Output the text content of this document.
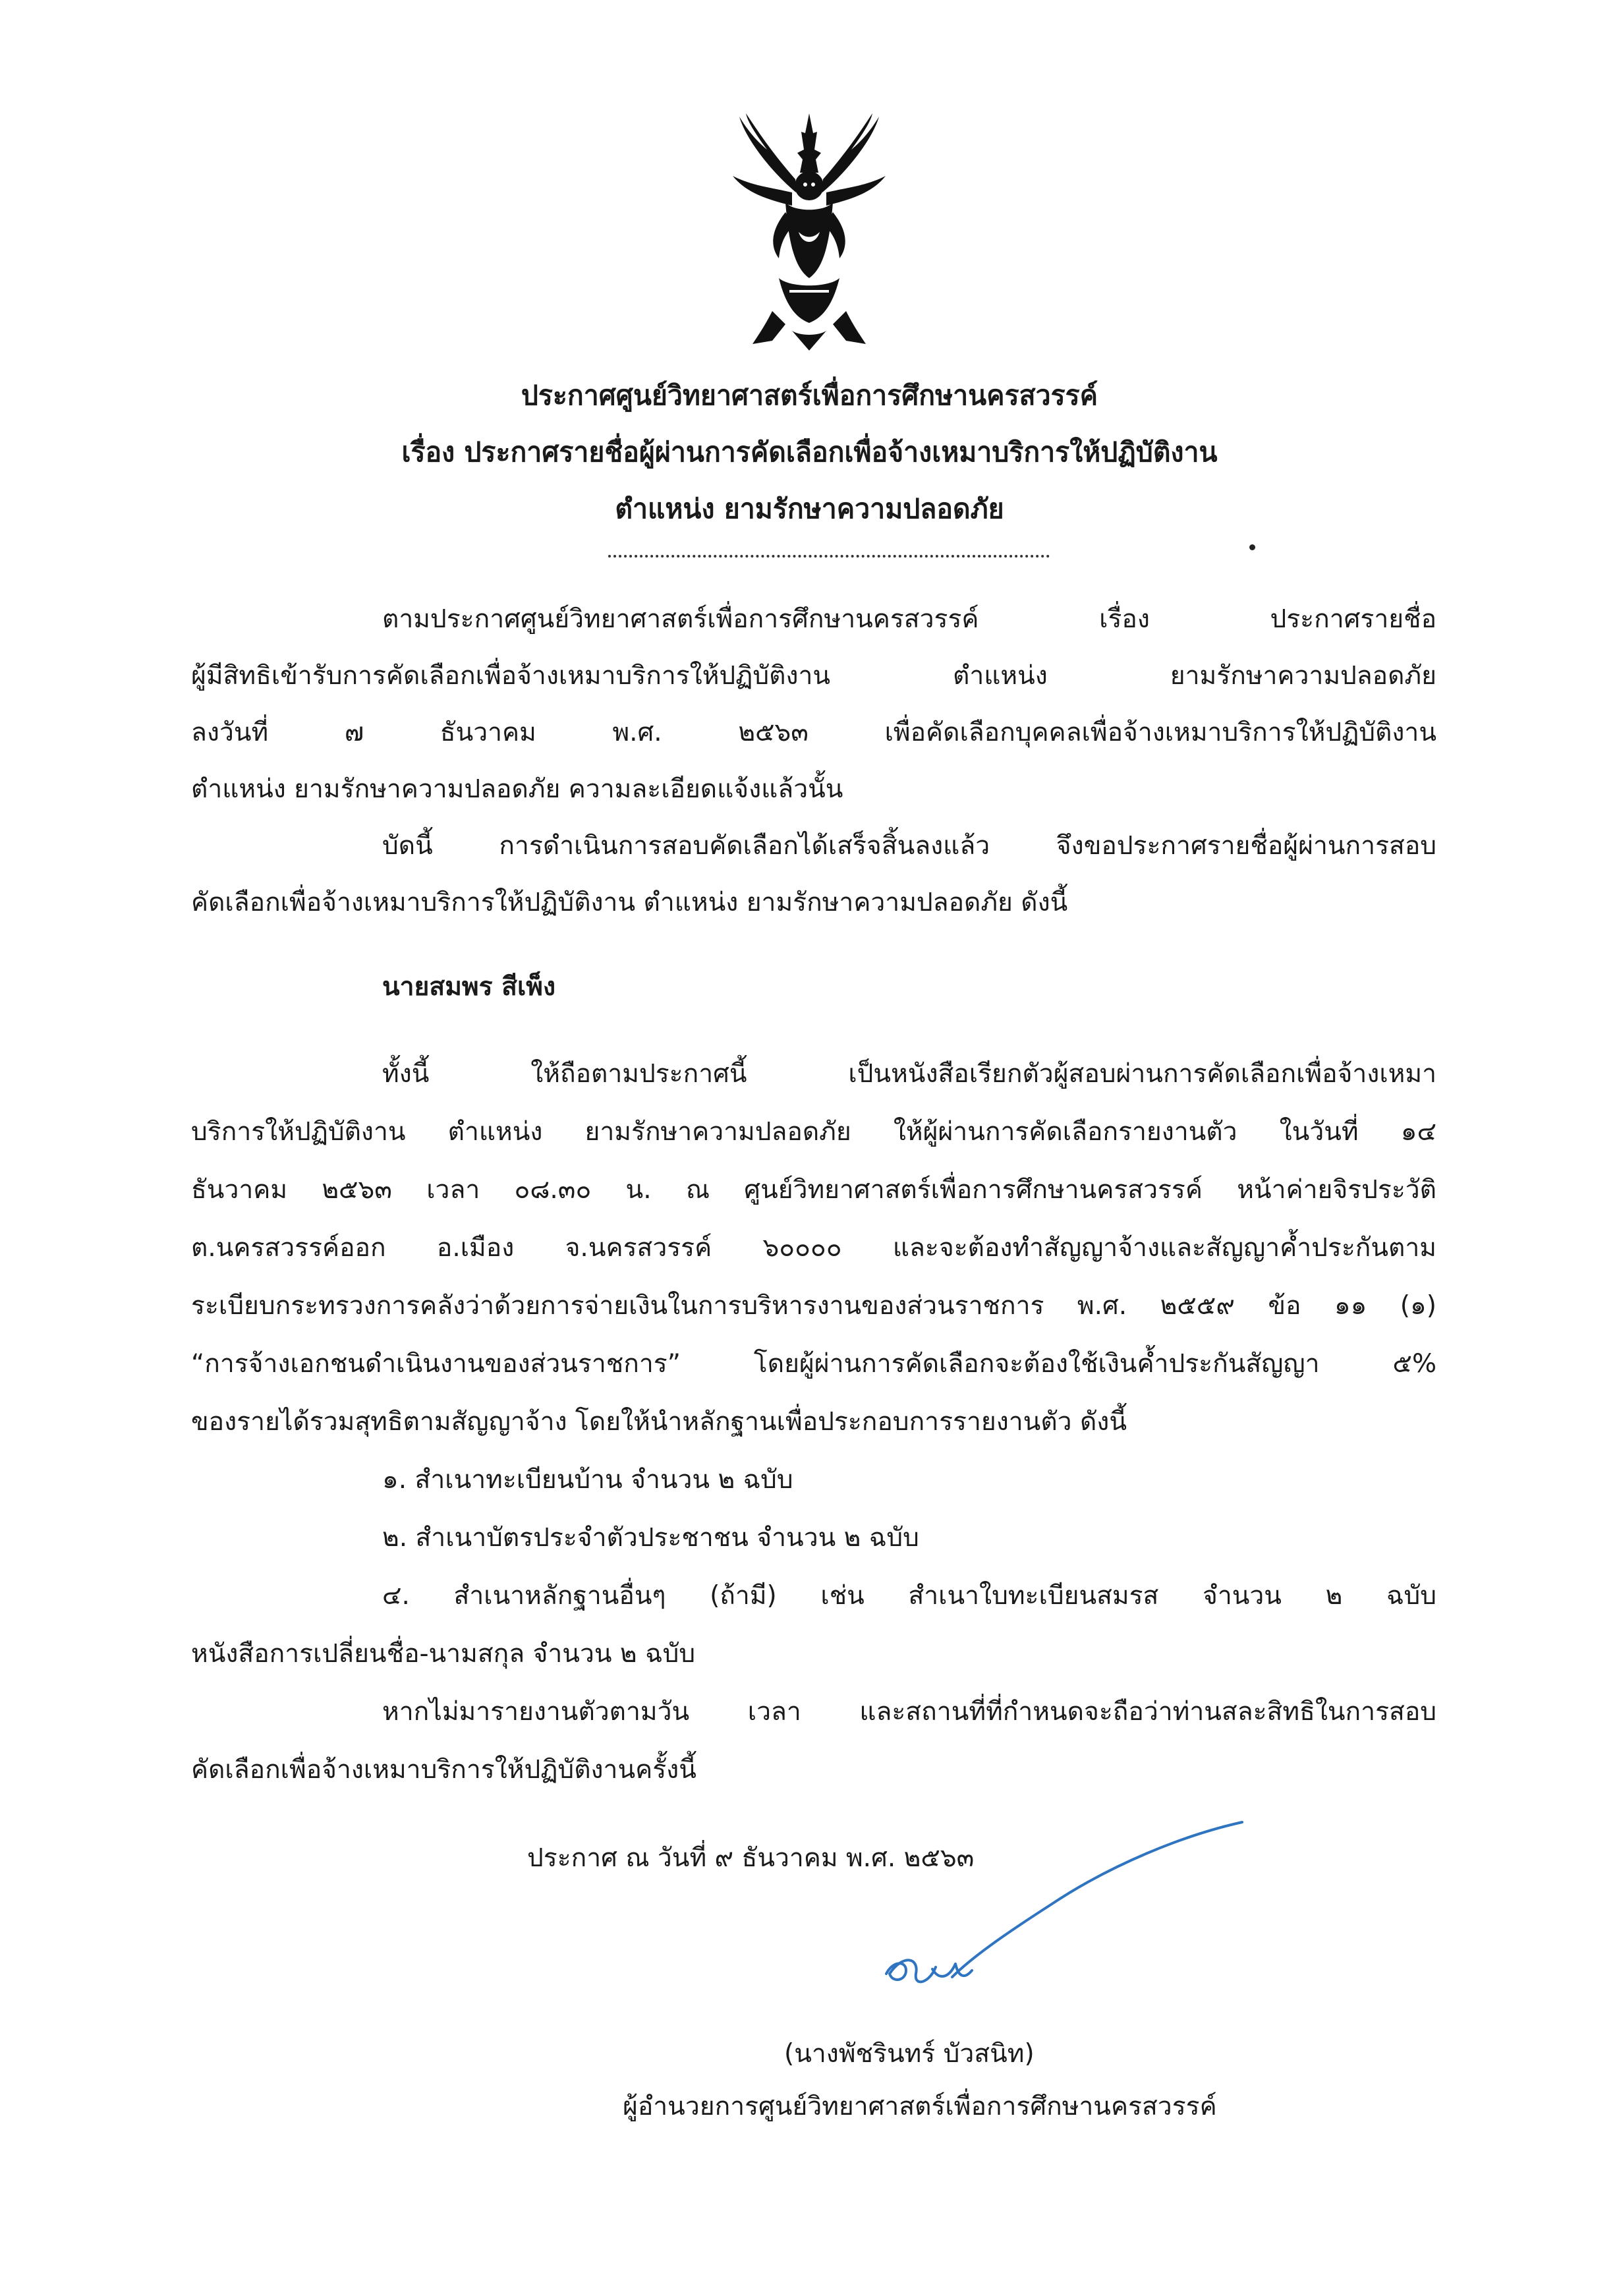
ประกาศศูนย์วิทยาศาสตร์เพื่อการศึกษานครสวรรค์
เรื่อง ประกาศรายชื่อผู้ผ่านการคัดเลือกเพื่อจ้างเหมาบริการให้ปฏิบัติงาน
ตำแหน่ง ยามรักษาความปลอดภัย
ตามประกาศศูนย์วิทยาศาสตร์เพื่อการศึกษานครสวรรค์ เรื่อง ประกาศรายชื่อ
ผู้มีสิทธิเข้ารับการคัดเลือกเพื่อจ้างเหมาบริการให้ปฏิบัติงาน ตำแหน่ง ยามรักษาความปลอดภัย
ลงวันที่ ๗ ธันวาคม พ.ศ. ๒๕๖๓ เพื่อคัดเลือกบุคคลเพื่อจ้างเหมาบริการให้ปฏิบัติงาน
ตำแหน่ง ยามรักษาความปลอดภัย ความละเอียดแจ้งแล้วนั้น
บัดนี้ การดำเนินการสอบคัดเลือกได้เสร็จสิ้นลงแล้ว จึงขอประกาศรายชื่อผู้ผ่านการสอบ
คัดเลือกเพื่อจ้างเหมาบริการให้ปฏิบัติงาน ตำแหน่ง ยามรักษาความปลอดภัย ดังนี้
นายสมพร สีเพ็ง
ทั้งนี้ ให้ถือตามประกาศนี้ เป็นหนังสือเรียกตัวผู้สอบผ่านการคัดเลือกเพื่อจ้างเหมา
บริการให้ปฏิบัติงาน ตำแหน่ง ยามรักษาความปลอดภัย ให้ผู้ผ่านการคัดเลือกรายงานตัว ในวันที่ ๑๔
ธันวาคม ๒๕๖๓ เวลา ๐๘.๓๐ น. ณ ศูนย์วิทยาศาสตร์เพื่อการศึกษานครสวรรค์ หน้าค่ายจิรประวัติ
ต.นครสวรรค์ออก อ.เมือง จ.นครสวรรค์ ๖๐๐๐๐ และจะต้องทำสัญญาจ้างและสัญญาค้ำประกันตาม
ระเบียบกระทรวงการคลังว่าด้วยการจ่ายเงินในการบริหารงานของส่วนราชการ พ.ศ. ๒๕๕๙ ข้อ ๑๑ (๑)
“การจ้างเอกชนดำเนินงานของส่วนราชการ” โดยผู้ผ่านการคัดเลือกจะต้องใช้เงินค้ำประกันสัญญา ๕%
ของรายได้รวมสุทธิตามสัญญาจ้าง โดยให้นำหลักฐานเพื่อประกอบการรายงานตัว ดังนี้
๑. สำเนาทะเบียนบ้าน จำนวน ๒ ฉบับ
๒. สำเนาบัตรประจำตัวประชาชน จำนวน ๒ ฉบับ
๔. สำเนาหลักฐานอื่นๆ (ถ้ามี) เช่น สำเนาใบทะเบียนสมรส จำนวน ๒ ฉบับ
หนังสือการเปลี่ยนชื่อ-นามสกุล จำนวน ๒ ฉบับ
หากไม่มารายงานตัวตามวัน เวลา และสถานที่ที่กำหนดจะถือว่าท่านสละสิทธิในการสอบ
คัดเลือกเพื่อจ้างเหมาบริการให้ปฏิบัติงานครั้งนี้
ประกาศ ณ วันที่ ๙ ธันวาคม พ.ศ. ๒๕๖๓
(นางพัชรินทร์ บัวสนิท)
ผู้อำนวยการศูนย์วิทยาศาสตร์เพื่อการศึกษานครสวรรค์
